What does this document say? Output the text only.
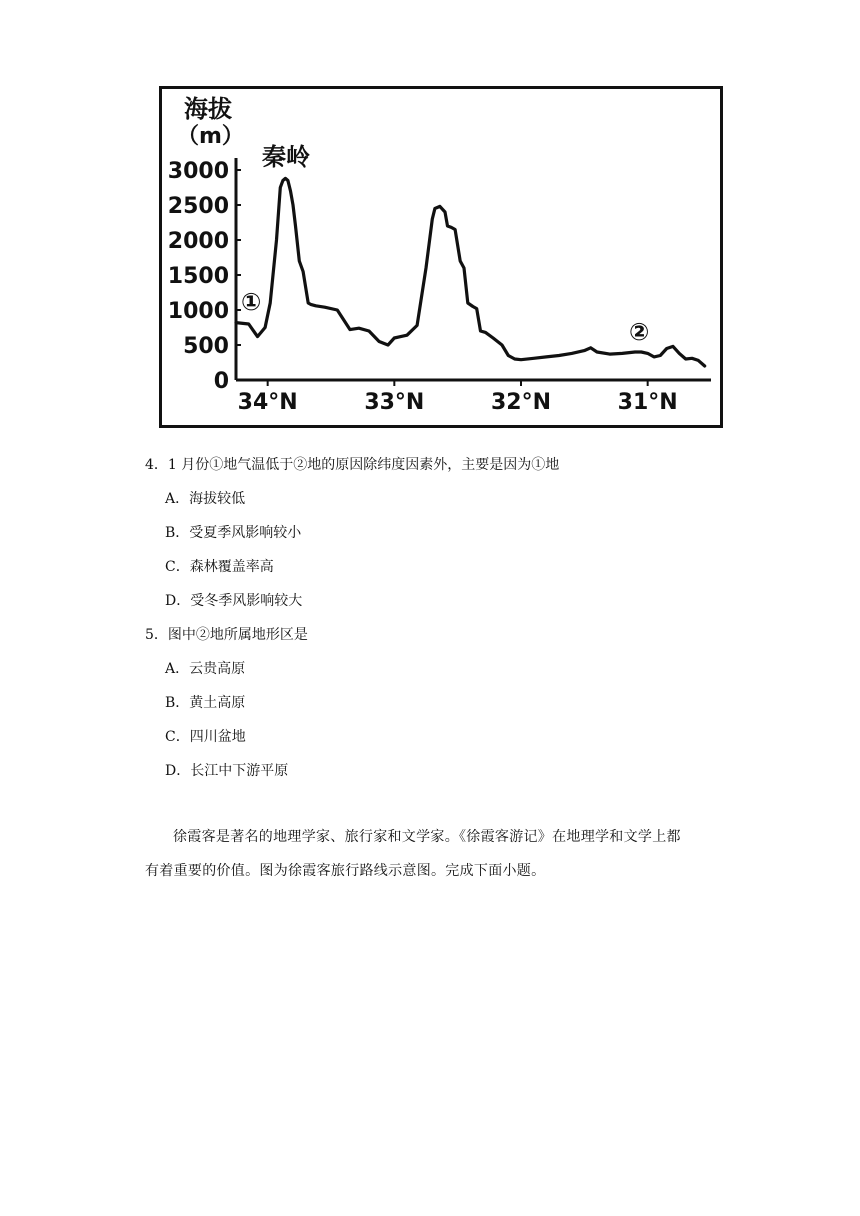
海拔
（m）
3000
2500
2000
1500
1000
500
0
34°N	33°N	32°N	31°N
秦岭
①
②
4．1 月份①地气温低于②地的原因除纬度因素外，主要是因为①地
A．海拔较低
B．受夏季风影响较小
C．森林覆盖率高
D．受冬季风影响较大
5．图中②地所属地形区是
A．云贵高原
B．黄土高原
C．四川盆地
D．长江中下游平原
徐霞客是著名的地理学家、旅行家和文学家。《徐霞客游记》在地理学和文学上都
有着重要的价值。图为徐霞客旅行路线示意图。完成下面小题。
